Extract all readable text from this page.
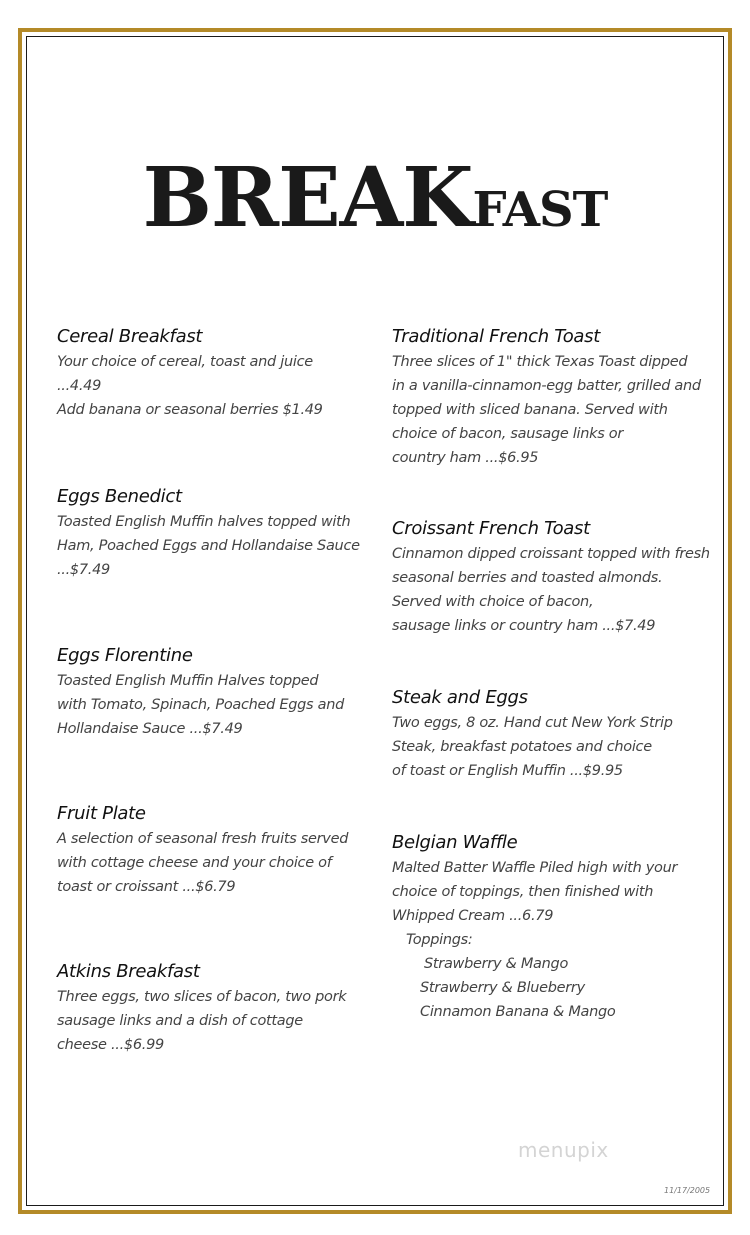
BREAKFAST
Cereal Breakfast
Your choice of cereal, toast and juice
...4.49
Add banana or seasonal berries $1.49
Eggs Benedict
Toasted English Muffin halves topped with
Ham, Poached Eggs and Hollandaise Sauce
...$7.49
Eggs Florentine
Toasted English Muffin Halves topped
with Tomato, Spinach, Poached Eggs and
Hollandaise Sauce ...$7.49
Fruit Plate
A selection of seasonal fresh fruits served
with cottage cheese and your choice of
toast or croissant ...$6.79
Atkins Breakfast
Three eggs, two slices of bacon, two pork
sausage links and a dish of cottage
cheese ...$6.99
Traditional French Toast
Three slices of 1" thick Texas Toast dipped
in a vanilla-cinnamon-egg batter, grilled and
topped with sliced banana. Served with
choice of bacon, sausage links or
country ham ...$6.95
Croissant French Toast
Cinnamon dipped croissant topped with fresh
seasonal berries and toasted almonds.
Served with choice of bacon,
sausage links or country ham ...$7.49
Steak and Eggs
Two eggs, 8 oz. Hand cut New York Strip
Steak, breakfast potatoes and choice
of toast or English Muffin ...$9.95
Belgian Waffle
Malted Batter Waffle Piled high with your
choice of toppings, then finished with
Whipped Cream ...6.79
Toppings:
Strawberry & Mango
Strawberry & Blueberry
Cinnamon Banana & Mango
menupix
11/17/2005
